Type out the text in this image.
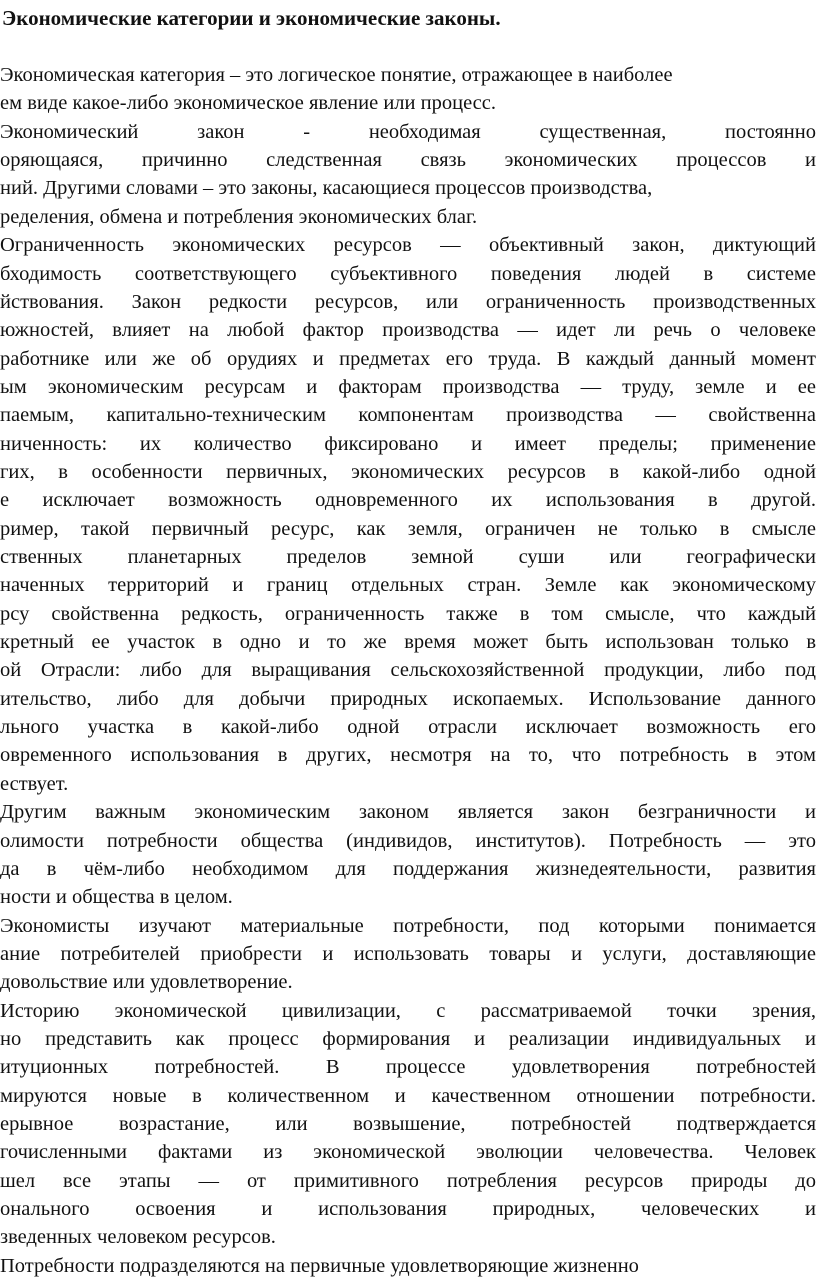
Экономические категории и экономические законы.
Экономическая категория – это логическое понятие, отражающее в наиболее
ем виде какое-либо экономическое явление или процесс.
Экономический закон - необходимая существенная, постоянно
оряющаяся, причинно следственная связь экономических процессов и
ний. Другими словами – это законы, касающиеся процессов производства,
ределения, обмена и потребления экономических благ.
Ограниченность экономических ресурсов — объективный закон, диктующий
бходимость соответствующего субъективного поведения людей в системе
йствования. Закон редкости ресурсов, или ограниченность производственных
южностей, влияет на любой фактор производства — идет ли речь о человеке
работнике или же об орудиях и предметах его труда. В каждый данный момент
ым экономическим ресурсам и факторам производства — труду, земле и ее
паемым, капитально-техническим компонентам производства — свойственна
ниченность: их количество фиксировано и имеет пределы; применение
гих, в особенности первичных, экономических ресурсов в какой-либо одной
е исключает возможность одновременного их использования в другой.
ример, такой первичный ресурс, как земля, ограничен не только в смысле
ственных планетарных пределов земной суши или географически
наченных территорий и границ отдельных стран. Земле как экономическому
рсу свойственна редкость, ограниченность также в том смысле, что каждый
кретный ее участок в одно и то же время может быть использован только в
ой Отрасли: либо для выращивания сельскохозяйственной продукции, либо под
ительство, либо для добычи природных ископаемых. Использование данного
льного участка в какой-либо одной отрасли исключает возможность его
овременного использования в других, несмотря на то, что потребность в этом
ествует.
Другим важным экономическим законом является закон безграничности и
олимости потребности общества (индивидов, институтов). Потребность — это
да в чём-либо необходимом для поддержания жизнедеятельности, развития
ности и общества в целом.
Экономисты изучают материальные потребности, под которыми понимается
ание потребителей приобрести и использовать товары и услуги, доставляющие
довольствие или удовлетворение.
Историю экономической цивилизации, с рассматриваемой точки зрения,
но представить как процесс формирования и реализации индивидуальных и
итуционных потребностей. В процессе удовлетворения потребностей
мируются новые в количественном и качественном отношении потребности.
ерывное возрастание, или возвышение, потребностей подтверждается
гочисленными фактами из экономической эволюции человечества. Человек
шел все этапы — от примитивного потребления ресурсов природы до
онального освоения и использования природных, человеческих и
зведенных человеком ресурсов.
Потребности подразделяются на первичные удовлетворяющие жизненно
